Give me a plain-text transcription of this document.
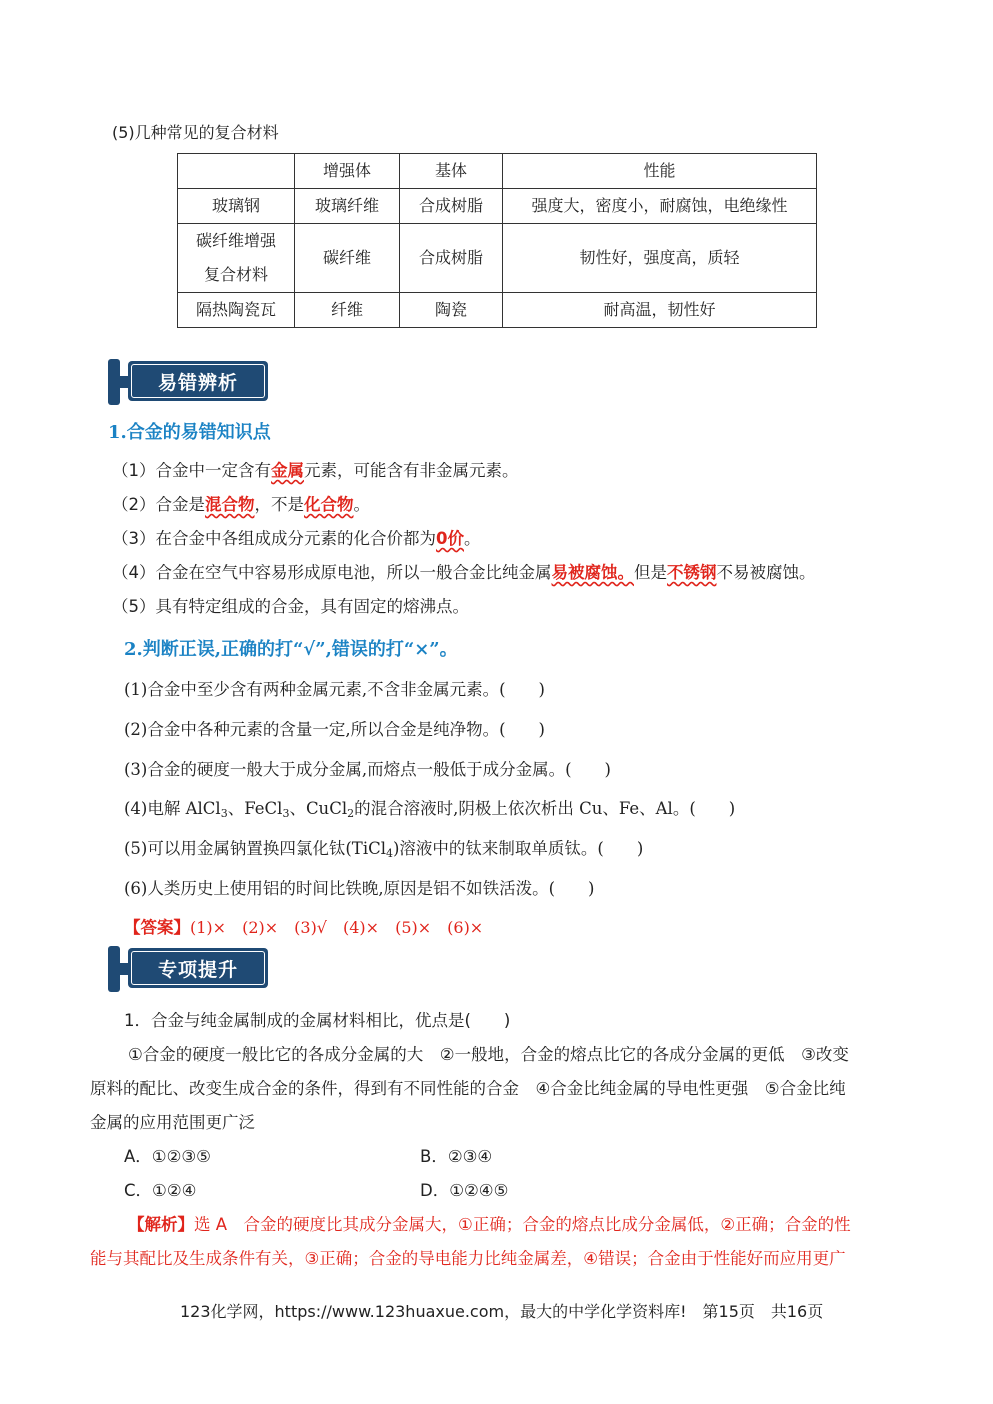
(5)几种常见的复合材料
	增强体	基体	性能
玻璃钢	玻璃纤维	合成树脂	强度大，密度小，耐腐蚀，电绝缘性

碳纤维增强
复合材料	碳纤维	合成树脂	韧性好，强度高，质轻
隔热陶瓷瓦	纤维	陶瓷	耐高温，韧性好
易错辨析
1.合金的易错知识点
（1）合金中一定含有金属元素，可能含有非金属元素。
（2）合金是混合物，不是化合物。
（3）在合金中各组成成分元素的化合价都为0价。
（4）合金在空气中容易形成原电池，所以一般合金比纯金属易被腐蚀。但是不锈钢不易被腐蚀。
（5）具有特定组成的合金，具有固定的熔沸点。
2.判断正误,正确的打“√”,错误的打“×”。
(1)合金中至少含有两种金属元素,不含非金属元素。(　　)
(2)合金中各种元素的含量一定,所以合金是纯净物。(　　)
(3)合金的硬度一般大于成分金属,而熔点一般低于成分金属。(　　)
(4)电解 AlCl$_3$、FeCl$_3$、CuCl$_2$的混合溶液时,阴极上依次析出 Cu、Fe、Al。(　　)
(5)可以用金属钠置换四氯化钛(TiCl$_4$)溶液中的钛来制取单质钛。(　　)
(6)人类历史上使用铝的时间比铁晚,原因是铝不如铁活泼。(　　)
【答案】(1)×　(2)×　(3)√　(4)×　(5)×　(6)×
专项提升
1．合金与纯金属制成的金属材料相比，优点是(　　)
①合金的硬度一般比它的各成分金属的大　②一般地，合金的熔点比它的各成分金属的更低　③改变
原料的配比、改变生成合金的条件，得到有不同性能的合金　④合金比纯金属的导电性更强　⑤合金比纯
金属的应用范围更广泛
A．①②③⑤	B．②③④
C．①②④	D．①②④⑤
【解析】选 A　合金的硬度比其成分金属大，①正确；合金的熔点比成分金属低，②正确；合金的性
能与其配比及生成条件有关，③正确；合金的导电能力比纯金属差，④错误；合金由于性能好而应用更广
123化学网，https://www.123huaxue.com，最大的中学化学资料库!　第15页　共16页
